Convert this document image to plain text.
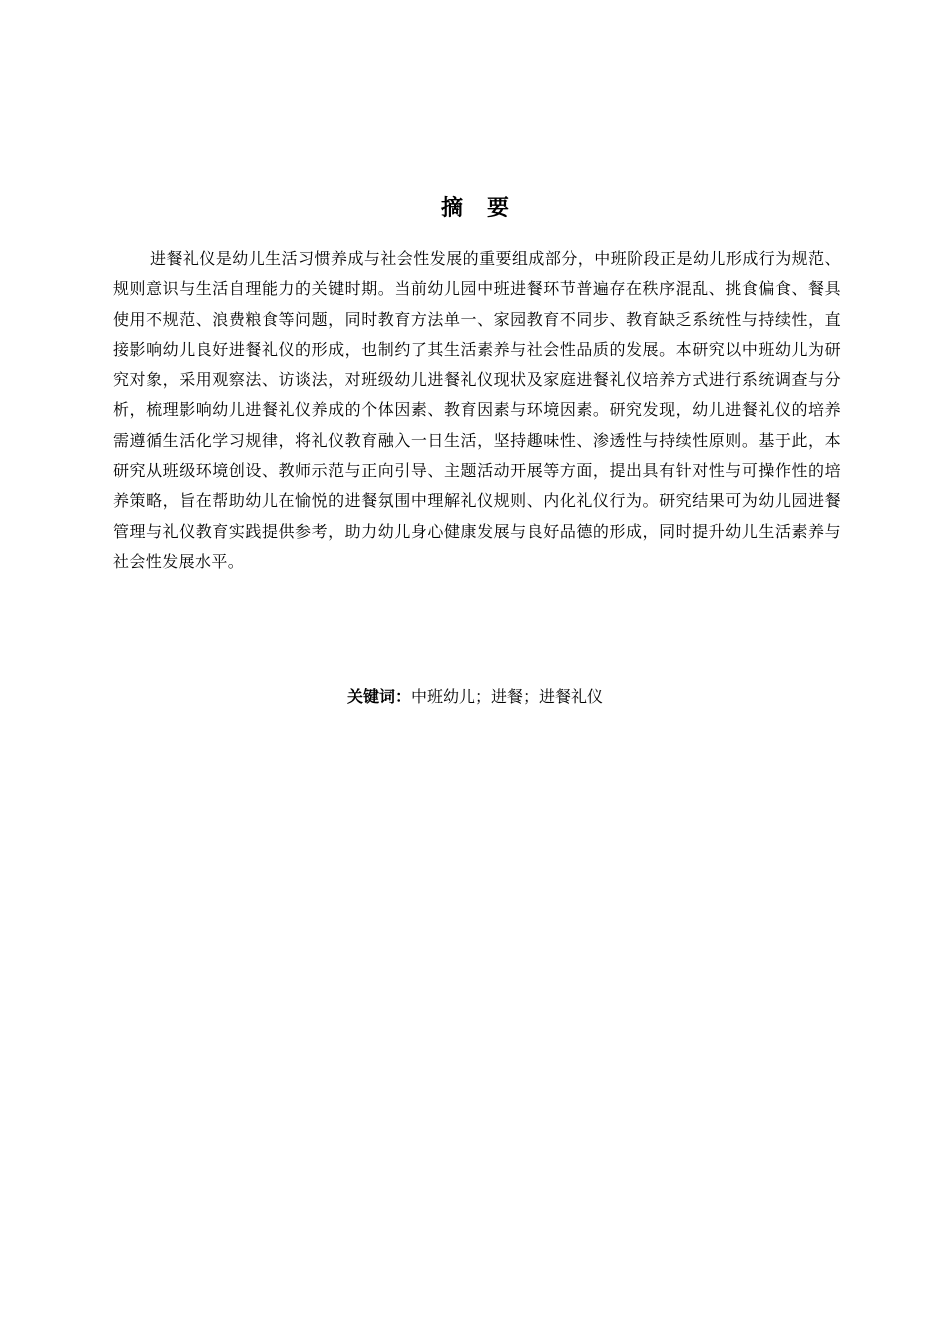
摘要

进餐礼仪是幼儿生活习惯养成与社会性发展的重要组成部分，中班阶段正是幼儿形成行为规范、规则意识与生活自理能力的关键时期。当前幼儿园中班进餐环节普遍存在秩序混乱、挑食偏食、餐具使用不规范、浪费粮食等问题，同时教育方法单一、家园教育不同步、教育缺乏系统性与持续性，直接影响幼儿良好进餐礼仪的形成，也制约了其生活素养与社会性品质的发展。本研究以中班幼儿为研究对象，采用观察法、访谈法，对班级幼儿进餐礼仪现状及家庭进餐礼仪培养方式进行系统调查与分析，梳理影响幼儿进餐礼仪养成的个体因素、教育因素与环境因素。研究发现，幼儿进餐礼仪的培养需遵循生活化学习规律，将礼仪教育融入一日生活，坚持趣味性、渗透性与持续性原则。基于此，本研究从班级环境创设、教师示范与正向引导、主题活动开展等方面，提出具有针对性与可操作性的培养策略，旨在帮助幼儿在愉悦的进餐氛围中理解礼仪规则、内化礼仪行为。研究结果可为幼儿园进餐管理与礼仪教育实践提供参考，助力幼儿身心健康发展与良好品德的形成，同时提升幼儿生活素养与社会性发展水平。

关键词：中班幼儿；进餐；进餐礼仪
